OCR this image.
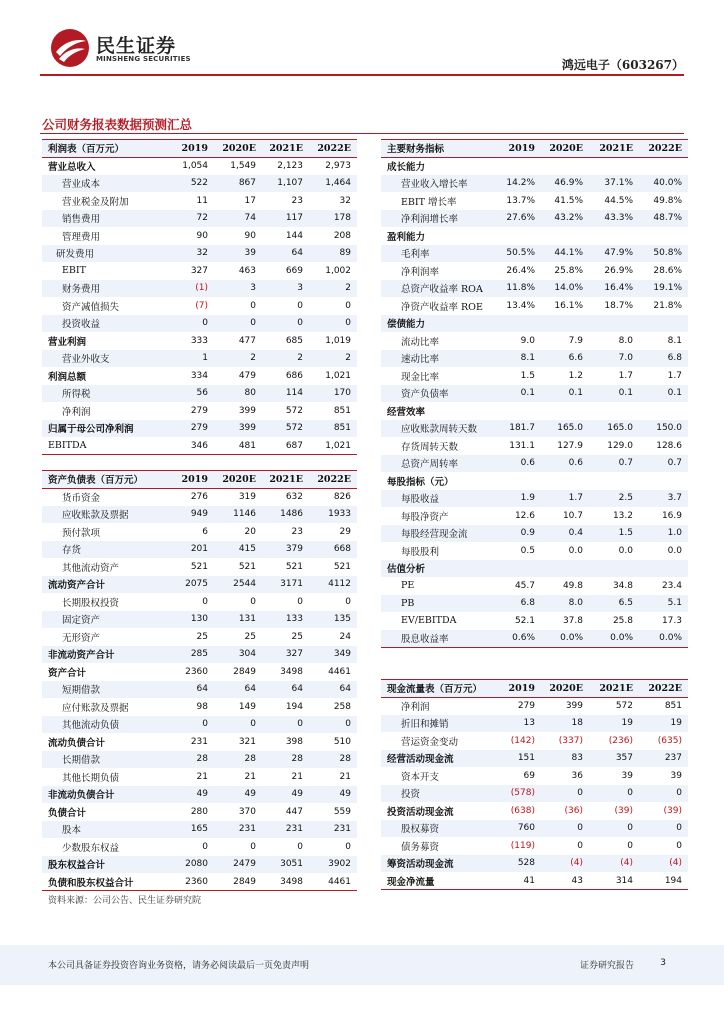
民生证券
MINSHENG SECURITIES	鸿远电子（603267）
公司财务报表数据预测汇总
利润表（百万元）	2019	2020E	2021E	2022E
营业总收入	1,054	1,549	2,123	2,973
营业成本	522	867	1,107	1,464
营业税金及附加	11	17	23	32
销售费用	72	74	117	178
管理费用	90	90	144	208
研发费用	32	39	64	89
EBIT	327	463	669	1,002
财务费用	(1)	3	3	2
资产减值损失	(7)	0	0	0
投资收益	0	0	0	0
营业利润	333	477	685	1,019
营业外收支	1	2	2	2
利润总额	334	479	686	1,021
所得税	56	80	114	170
净利润	279	399	572	851
归属于母公司净利润	279	399	572	851
EBITDA	346	481	687	1,021
资产负债表（百万元）	2019	2020E	2021E	2022E
货币资金	276	319	632	826
应收账款及票据	949	1146	1486	1933
预付款项	6	20	23	29
存货	201	415	379	668
其他流动资产	521	521	521	521
流动资产合计	2075	2544	3171	4112
长期股权投资	0	0	0	0
固定资产	130	131	133	135
无形资产	25	25	25	24
非流动资产合计	285	304	327	349
资产合计	2360	2849	3498	4461
短期借款	64	64	64	64
应付账款及票据	98	149	194	258
其他流动负债	0	0	0	0
流动负债合计	231	321	398	510
长期借款	28	28	28	28
其他长期负债	21	21	21	21
非流动负债合计	49	49	49	49
负债合计	280	370	447	559
股本	165	231	231	231
少数股东权益	0	0	0	0
股东权益合计	2080	2479	3051	3902
负债和股东权益合计	2360	2849	3498	4461
主要财务指标	2019	2020E	2021E	2022E
成长能力				
营业收入增长率	14.2%	46.9%	37.1%	40.0%
EBIT 增长率	13.7%	41.5%	44.5%	49.8%
净利润增长率	27.6%	43.2%	43.3%	48.7%
盈利能力				
毛利率	50.5%	44.1%	47.9%	50.8%
净利润率	26.4%	25.8%	26.9%	28.6%
总资产收益率 ROA	11.8%	14.0%	16.4%	19.1%
净资产收益率 ROE	13.4%	16.1%	18.7%	21.8%
偿债能力				
流动比率	9.0	7.9	8.0	8.1
速动比率	8.1	6.6	7.0	6.8
现金比率	1.5	1.2	1.7	1.7
资产负债率	0.1	0.1	0.1	0.1
经营效率				
应收账款周转天数	181.7	165.0	165.0	150.0
存货周转天数	131.1	127.9	129.0	128.6
总资产周转率	0.6	0.6	0.7	0.7
每股指标（元）				
每股收益	1.9	1.7	2.5	3.7
每股净资产	12.6	10.7	13.2	16.9
每股经营现金流	0.9	0.4	1.5	1.0
每股股利	0.5	0.0	0.0	0.0
估值分析				
PE	45.7	49.8	34.8	23.4
PB	6.8	8.0	6.5	5.1
EV/EBITDA	52.1	37.8	25.8	17.3
股息收益率	0.6%	0.0%	0.0%	0.0%
现金流量表（百万元）	2019	2020E	2021E	2022E
净利润	279	399	572	851
折旧和摊销	13	18	19	19
营运资金变动	(142)	(337)	(236)	(635)
经营活动现金流	151	83	357	237
资本开支	69	36	39	39
投资	(578)	0	0	0
投资活动现金流	(638)	(36)	(39)	(39)
股权募资	760	0	0	0
债务募资	(119)	0	0	0
筹资活动现金流	528	(4)	(4)	(4)
现金净流量	41	43	314	194
资料来源：公司公告、民生证券研究院
本公司具备证券投资咨询业务资格，请务必阅读最后一页免责声明	证券研究报告	3
